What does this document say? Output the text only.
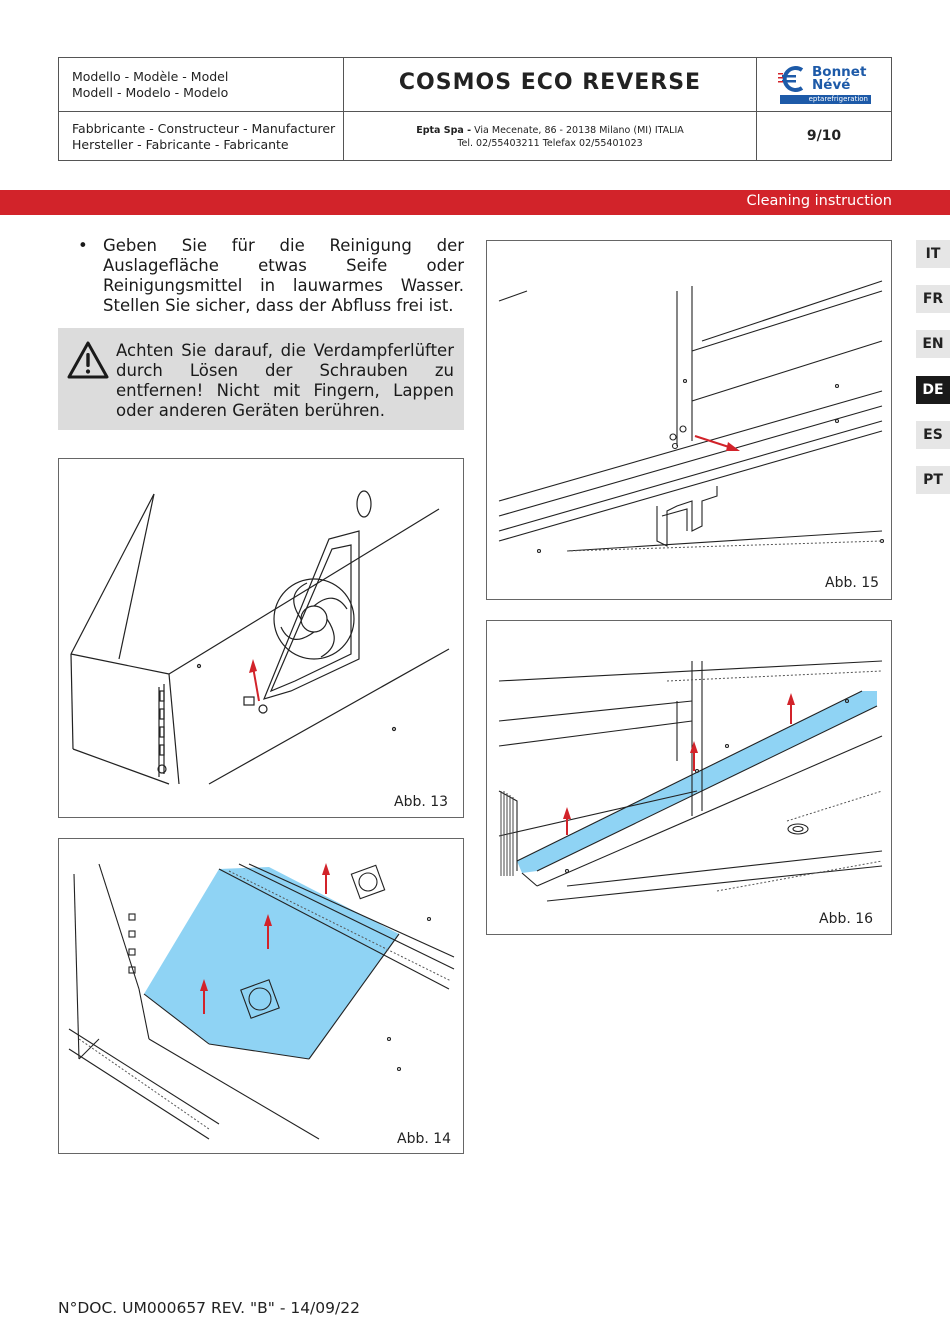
Modello - Modèle - Model
Modell - Modelo - Modelo	COSMOS ECO REVERSE	Bonnet
Névé
eptarefrigeration
Fabbricante - Constructeur - Manufacturer
Hersteller - Fabricante - Fabricante
Epta Spa - Via Mecenate, 86 - 20138 Milano (MI) ITALIA
Tel. 02/55403211 Telefax 02/55401023	9/10
Cleaning instruction
• Geben Sie für die Reinigung der Auslagefläche etwas Seife oder Reinigungsmittel in lauwarmes Wasser. Stellen Sie sicher, dass der Abfluss frei ist.
Achten Sie darauf, die Verdampferlüfter durch Lösen der Schrauben zu entfernen! Nicht mit Fingern, Lappen oder anderen Geräten berühren.
Abb. 13
Abb. 14
Abb. 15
Abb. 16
IT
FR
EN
DE
ES
PT
N°DOC. UM000657 REV. "B" - 14/09/22
